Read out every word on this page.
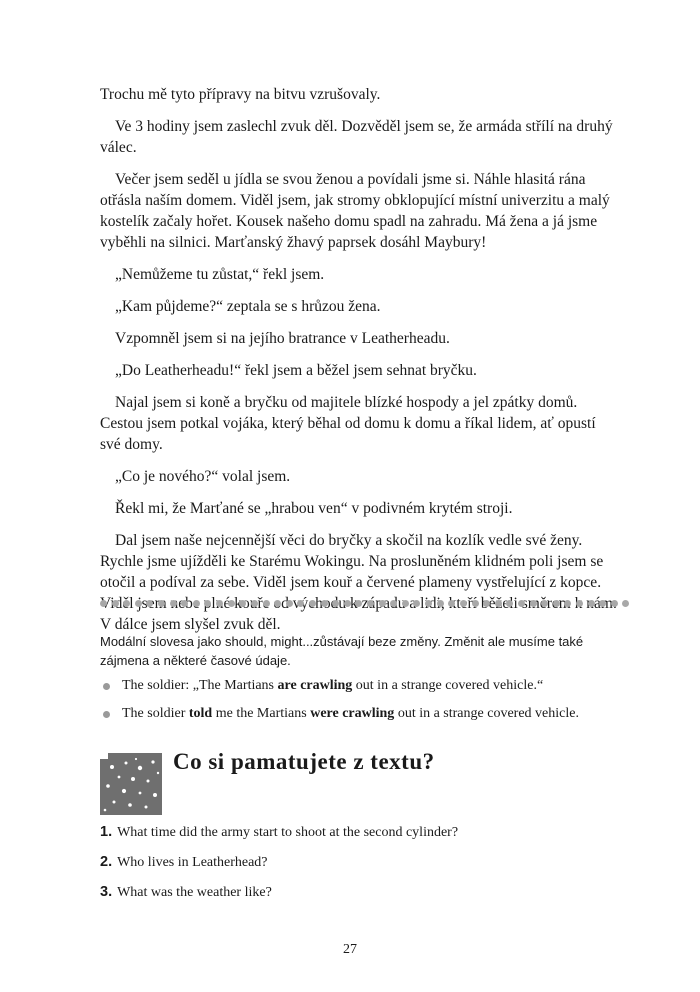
Trochu mě tyto přípravy na bitvu vzrušovaly.

Ve 3 hodiny jsem zaslechl zvuk děl. Dozvěděl jsem se, že armáda střílí na druhý válec.

Večer jsem seděl u jídla se svou ženou a povídali jsme si. Náhle hlasitá rána otřásla naším domem. Viděl jsem, jak stromy obklopující místní univerzitu a malý kostelík začaly hořet. Kousek našeho domu spadl na zahradu. Má žena a já jsme vyběhli na silnici. Marťanský žhavý paprsek dosáhl Maybury!

„Nemůžeme tu zůstat,“ řekl jsem.

„Kam půjdeme?“ zeptala se s hrůzou žena.

Vzpomněl jsem si na jejího bratrance v Leatherheadu.

„Do Leatherheadu!“ řekl jsem a běžel jsem sehnat bryčku.

Najal jsem si koně a bryčku od majitele blízké hospody a jel zpátky domů. Cestou jsem potkal vojáka, který běhal od domu k domu a říkal lidem, ať opustí své domy.

„Co je nového?“ volal jsem.

Řekl mi, že Marťané se „hrabou ven“ v podivném krytém stroji.

Dal jsem naše nejcennější věci do bryčky a skočil na kozlík vedle své ženy. Rychle jsme ujížděli ke Starému Wokingu. Na prosluněném klidném poli jsem se otočil a podíval za sebe. Viděl jsem kouř a červené plameny vystřelující z kopce. od východu k lidi, V dálce jsem slyšel zvuk děl.

Modální slovesa jako should, might...zůstávají beze změny. Změnit ale musíme také zájmena a některé časové údaje.

The soldier: „The Martians are crawling out in a strange covered vehicle.“
The soldier told me the Martians were crawling out in a strange covered vehicle.
Co si pamatujete z textu?

1. What time did the army start to shoot at the second cylinder?

2. Who lives in Leatherhead?

3. What was the weather like?

27
